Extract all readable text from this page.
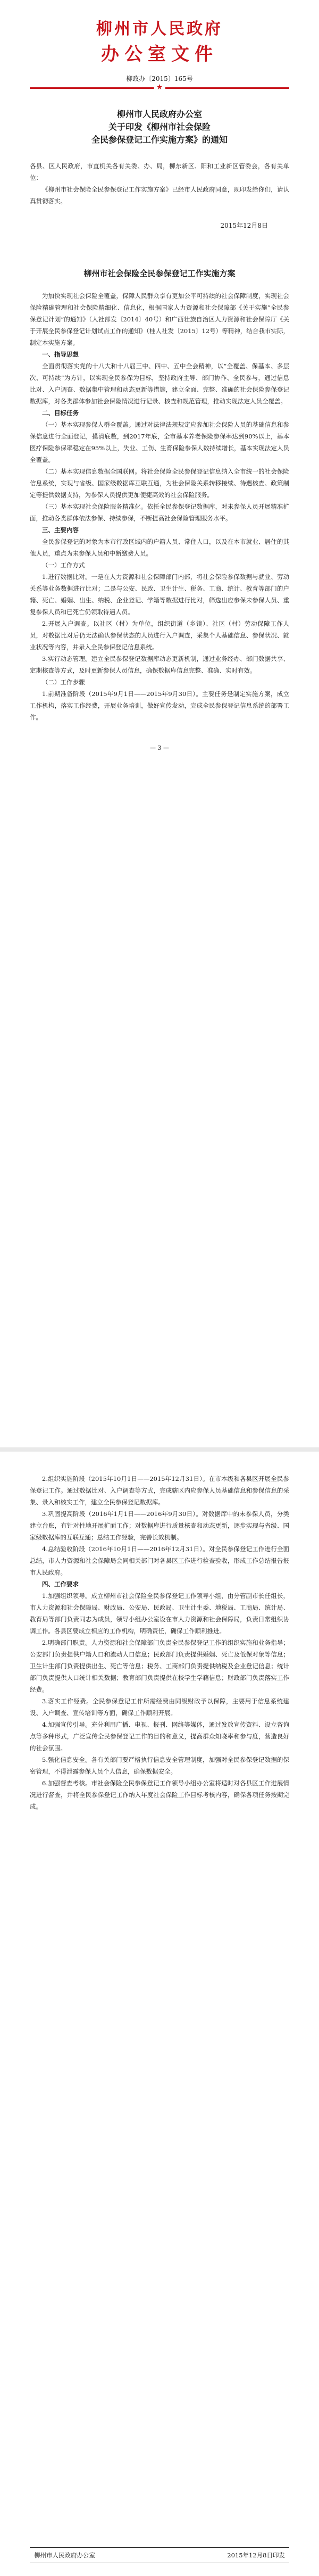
柳州市人民政府
办公室文件
柳政办〔2015〕165号
★
柳州市人民政府办公室
关于印发《柳州市社会保险
全民参保登记工作实施方案》的通知

各县、区人民政府，市直机关各有关委、办、局，柳东新区、阳和工业新区管委会，各有关单位：

《柳州市社会保险全民参保登记工作实施方案》已经市人民政府同意，现印发给你们，请认真贯彻落实。

2015年12月8日
柳州市社会保险全民参保登记工作实施方案

为加快实现社会保险全覆盖，保障人民群众享有更加公平可持续的社会保障制度，实现社会保险精确管理和社会保险精细化、信息化，根据国家人力资源和社会保障部《关于实施“全民参保登记计划”的通知》（人社部发〔2014〕40号）和广西壮族自治区人力资源和社会保障厅《关于开展全民参保登记计划试点工作的通知》（桂人社发〔2015〕12号）等精神，结合我市实际，制定本实施方案。

一、指导思想

全面贯彻落实党的十八大和十八届三中、四中、五中全会精神，以“全覆盖、保基本、多层次、可持续”为方针，以实现全民参保为目标，坚持政府主导、部门协作、全民参与，通过信息比对、入户调查、数据集中管理和动态更新等措施，建立全面、完整、准确的社会保险参保登记数据库，对各类群体参加社会保险情况进行记录、核查和规范管理，推动实现法定人员全覆盖。

二、目标任务

（一）基本实现参保人群全覆盖。通过对法律法规规定应参加社会保险人员的基础信息和参保信息进行全面登记，摸清底数，到2017年底，全市基本养老保险参保率达到90%以上，基本医疗保险参保率稳定在95%以上，失业、工伤、生育保险参保人数持续增长，基本实现法定人员全覆盖。

（二）基本实现信息数据全国联网。将社会保险全民参保登记信息纳入全市统一的社会保险信息系统，实现与省级、国家级数据库互联互通，为社会保险关系转移接续、待遇核查、政策制定等提供数据支持，为参保人员提供更加便捷高效的社会保险服务。

（三）基本实现社会保险服务精准化。依托全民参保登记数据库，对未参保人员开展精准扩面，推动各类群体依法参保、持续参保，不断提高社会保险管理服务水平。

三、主要内容

全民参保登记的对象为本市行政区域内的户籍人员、常住人口，以及在本市就业、居住的其他人员，重点为未参保人员和中断缴费人员。

（一）工作方式

1.进行数据比对。一是在人力资源和社会保障部门内部，将社会保险参保数据与就业、劳动关系等业务数据进行比对；二是与公安、民政、卫生计生、税务、工商、统计、教育等部门的户籍、死亡、婚姻、出生、纳税、企业登记、学籍等数据进行比对，筛选出应参保未参保人员、重复参保人员和已死亡仍领取待遇人员。

2.开展入户调查。以社区（村）为单位，组织街道（乡镇）、社区（村）劳动保障工作人员，对数据比对后仍无法确认参保状态的人员进行入户调查，采集个人基础信息、参保状况、就业状况等内容，并录入全民参保登记信息系统。

3.实行动态管理。建立全民参保登记数据库动态更新机制，通过业务经办、部门数据共享、定期核查等方式，及时更新参保人员信息，确保数据库信息完整、准确、实时有效。

（二）工作步骤

1.前期准备阶段（2015年9月1日——2015年9月30日）。主要任务是制定实施方案，成立工作机构，落实工作经费，开展业务培训，做好宣传发动，完成全民参保登记信息系统的部署工作。

— 3 —

2.组织实施阶段（2015年10月1日——2015年12月31日）。在市本级和各县区开展全民参保登记工作。通过数据比对、入户调查等方式，完成辖区内应参保人员基础信息和参保信息的采集、录入和核实工作，建立全民参保登记数据库。

3.巩固提高阶段（2016年1月1日——2016年9月30日）。对数据库中的未参保人员，分类建立台账，有针对性地开展扩面工作；对数据库进行质量核查和动态更新，逐步实现与省级、国家级数据库的互联互通；总结工作经验，完善长效机制。

4.总结验收阶段（2016年10月1日——2016年12月31日）。对全民参保登记工作进行全面总结，市人力资源和社会保障局会同相关部门对各县区工作进行检查验收，形成工作总结报告报市人民政府。

四、工作要求

1.加强组织领导。成立柳州市社会保险全民参保登记工作领导小组，由分管副市长任组长，市人力资源和社会保障局、财政局、公安局、民政局、卫生计生委、地税局、工商局、统计局、教育局等部门负责同志为成员，领导小组办公室设在市人力资源和社会保障局，负责日常组织协调工作。各县区要成立相应的工作机构，明确责任，确保工作顺利推进。

2.明确部门职责。人力资源和社会保障部门负责全民参保登记工作的组织实施和业务指导；公安部门负责提供户籍人口和流动人口信息；民政部门负责提供婚姻、死亡及低保对象等信息；卫生计生部门负责提供出生、死亡等信息；税务、工商部门负责提供纳税及企业登记信息；统计部门负责提供人口统计相关数据；教育部门负责提供在校学生学籍信息；财政部门负责落实工作经费。

3.落实工作经费。全民参保登记工作所需经费由同级财政予以保障，主要用于信息系统建设、入户调查、宣传培训等方面，确保工作顺利开展。

4.加强宣传引导。充分利用广播、电视、报刊、网络等媒体，通过发放宣传资料、设立咨询点等多种形式，广泛宣传全民参保登记工作的目的和意义，提高群众知晓率和参与度，营造良好的社会氛围。

5.强化信息安全。各有关部门要严格执行信息安全管理制度，加强对全民参保登记数据的保密管理，不得泄露参保人员个人信息，确保数据安全。

6.加强督查考核。市社会保险全民参保登记工作领导小组办公室将适时对各县区工作进展情况进行督查，并将全民参保登记工作纳入年度社会保险工作目标考核内容，确保各项任务按期完成。

柳州市人民政府办公室	2015年12月8日印发
